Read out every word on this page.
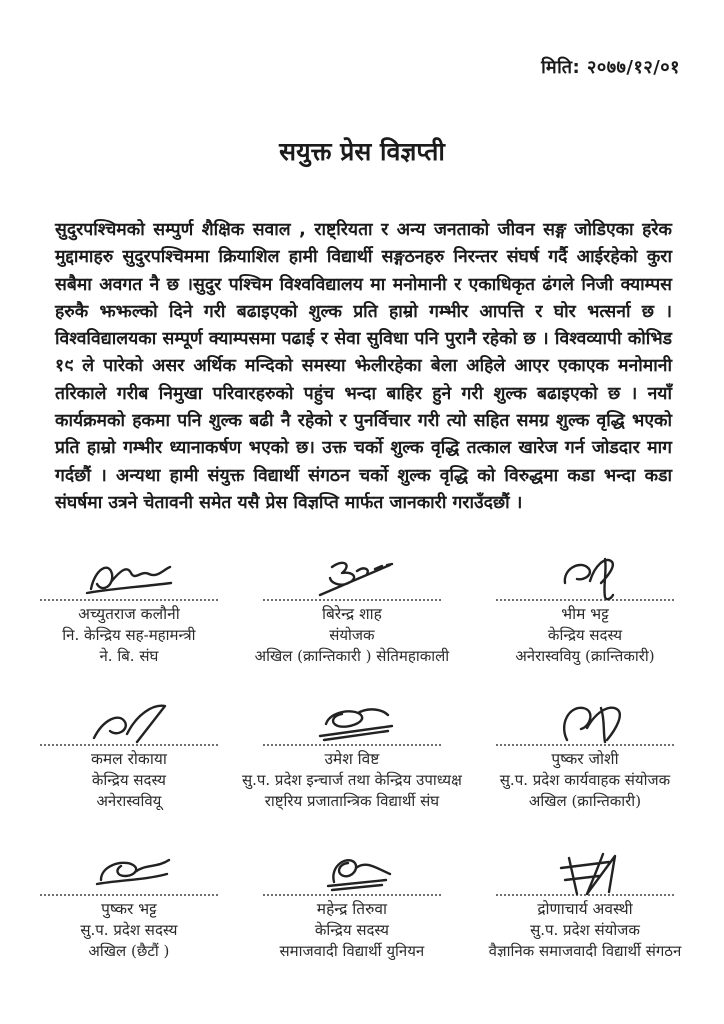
मिति: २०७७/१२/०१
सयुक्त प्रेस विज्ञप्ती
सुदुरपश्चिमको सम्पुर्ण शैक्षिक सवाल , राष्ट्रियता र अन्य जनताको जीवन सङ्ग जोडिएका हरेक मुद्दामाहरु सुदुरपश्चिममा क्रियाशिल हामी विद्यार्थी सङ्गठनहरु निरन्तर संघर्ष गर्दै आईरहेको कुरा सबैमा अवगत नै छ ।सुदुर पश्चिम विश्वविद्यालय मा मनोमानी र एकाधिकृत ढंगले निजी क्याम्पस हरुकै झझल्को दिने गरी बढाइएको शुल्क प्रति हाम्रो गम्भीर आपत्ति र घोर भत्सर्ना छ । विश्वविद्यालयका सम्पूर्ण क्याम्पसमा पढाई र सेवा सुविधा पनि पुरानै रहेको छ । विश्वव्यापी कोभिड १९ ले पारेको असर अर्थिक मन्दिको समस्या झेलीरहेका बेला अहिले आएर एकाएक मनोमानी तरिकाले गरीब निमुखा परिवारहरुको पहुंच भन्दा बाहिर हुने गरी शुल्क बढाइएको छ । नयाँ कार्यक्रमको हकमा पनि शुल्क बढी नै रहेको र पुनर्विचार गरी त्यो सहित समग्र शुल्क वृद्धि भएको प्रति हाम्रो गम्भीर ध्यानाकर्षण भएको छ। उक्त चर्को शुल्क वृद्धि तत्काल खारेज गर्न जोडदार माग गर्दछौं । अन्यथा हामी संयुक्त विद्यार्थी संगठन चर्को शुल्क वृद्धि को विरुद्धमा कडा भन्दा कडा संघर्षमा उत्रने चेतावनी समेत यसै प्रेस विज्ञप्ति मार्फत जानकारी गराउँदछौं ।
अच्युतराज कलौनी
नि. केन्द्रिय सह-महामन्त्री
ने. बि. संघ
बिरेन्द्र शाह
संयोजक
अखिल (क्रान्तिकारी ) सेतिमहाकाली
भीम भट्ट
केन्द्रिय सदस्य
अनेरास्ववियु (क्रान्तिकारी)
कमल रोकाया
केन्द्रिय सदस्य
अनेरास्ववियू
उमेश विष्ट
सु.प. प्रदेश इन्चार्ज तथा केन्द्रिय उपाध्यक्ष
राष्ट्रिय प्रजातान्त्रिक विद्यार्थी संघ
पुष्कर जोशी
सु.प. प्रदेश कार्यवाहक संयोजक
अखिल (क्रान्तिकारी)
पुष्कर भट्ट
सु.प. प्रदेश सदस्य
अखिल (छैटौं )
महेन्द्र तिरुवा
केन्द्रिय सदस्य
समाजवादी विद्यार्थी युनियन
द्रोणाचार्य अवस्थी
सु.प. प्रदेश संयोजक
वैज्ञानिक समाजवादी विद्यार्थी संगठन
